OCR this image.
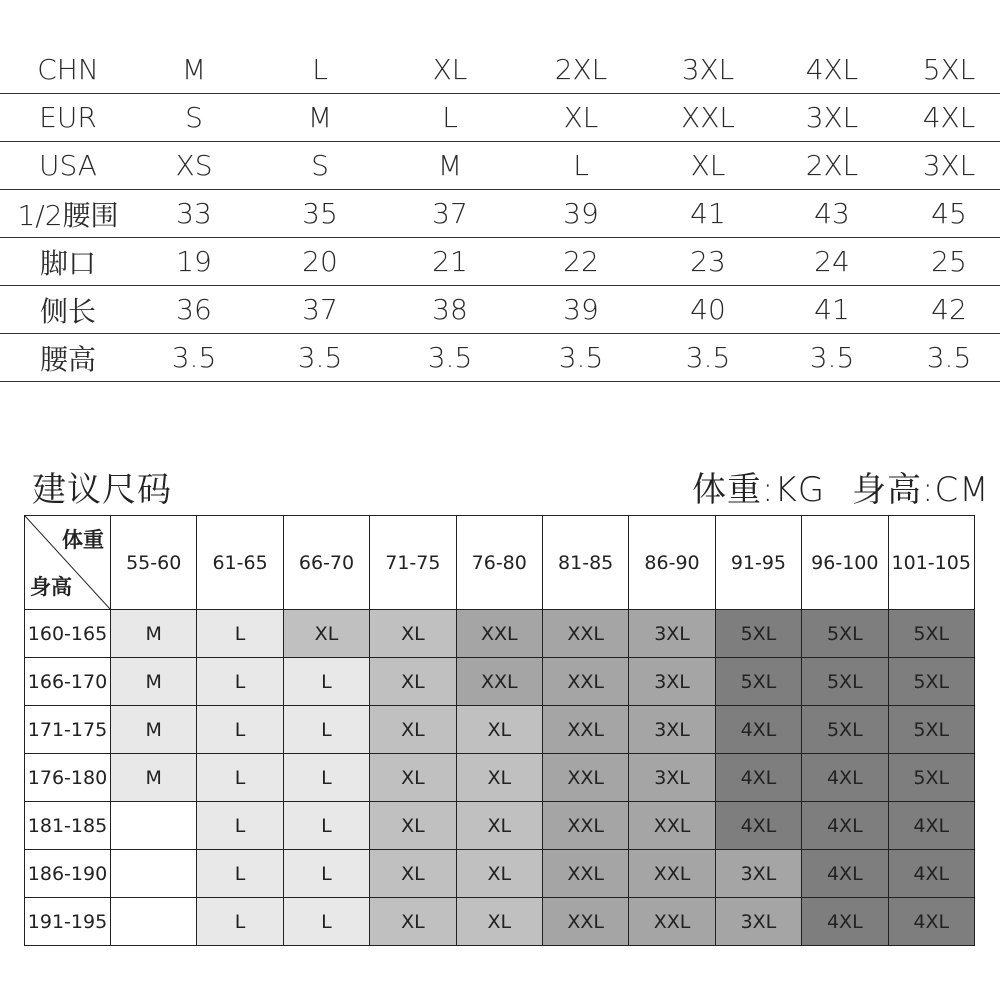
CHN	M	L	XL	2XL	3XL	4XL	5XL
EUR	S	M	L	XL	XXL	3XL	4XL
USA	XS	S	M	L	XL	2XL	3XL
1/2腰围	33	35	37	39	41	43	45
脚口	19	20	21	22	23	24	25
侧长	36	37	38	39	40	41	42
腰高	3.5	3.5	3.5	3.5	3.5	3.5	3.5
建议尺码	体重:KG 身高:CM
体重
身高	55-60	61-65	66-70	71-75	76-80	81-85	86-90	91-95	96-100	101-105
160-165	M	L	XL	XL	XXL	XXL	3XL	5XL	5XL	5XL
166-170	M	L	L	XL	XXL	XXL	3XL	5XL	5XL	5XL
171-175	M	L	L	XL	XL	XXL	3XL	4XL	5XL	5XL
176-180	M	L	L	XL	XL	XXL	3XL	4XL	4XL	5XL
181-185		L	L	XL	XL	XXL	XXL	4XL	4XL	4XL
186-190		L	L	XL	XL	XXL	XXL	3XL	4XL	4XL
191-195		L	L	XL	XL	XXL	XXL	3XL	4XL	4XL
